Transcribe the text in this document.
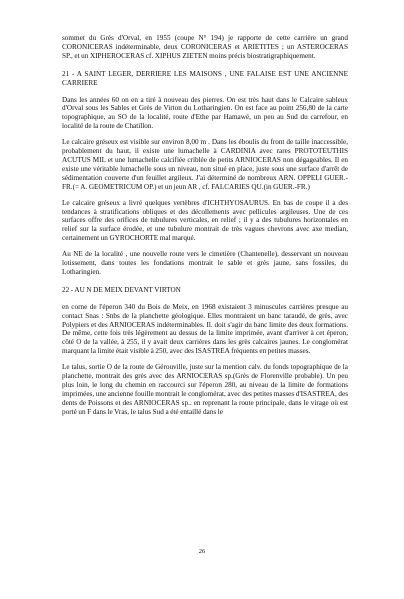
sommet du Grès d'Orval, en 1955 (coupe N° 194) je rapporte de cette carrière un grand CORONICERAS indéterminable, deux CORONICERAS et ARIETITES ; un ASTEROCERAS SP., et un XIPHEROCERAS cf. XIPHUS ZIETEN moins précis biostratigraphiquement.

21 - A SAINT LEGER, DERRIERE LES MAISONS , UNE FALAISE EST UNE ANCIENNE CARRIERE

Dans les années 60 on en a tiré à nouveau des pierres. On est très haut dans le Calcaire sableux d'Orval sous les Sables et Grès de Virton du Lotharingien. On est face au point 256,80 de la carte topographique, au SO de la localité, route d'Ethe par Hamawé, un peu au Sud du carrefour, en localité de la route de Chatillon.

Le calcaire gréseux est visible sur environ 8,00 m . Dans les éboulis du front de taille inaccessible, probablement du haut, il existe une lumachelle à CARDINIA avec rares PROTOTEUTHIS ACUTUS MIL et une lumachelle calcifiée criblée de petits ARNIOCERAS non dégageables. Il en existe une véritable lumachelle sous un niveau, non situé en place, juste sous une surface d'arrêt de sédimentation couverte d'un feuillet argileux. J'ai déterminé de nombreux ARN. OPPELI GUER.-FR.(= A. GEOMETRICUM OP.) et un jeun AR , cf. FALCARIES QU.(in GUER.-FR.)

Le calcaire gréseux a livré quelques vertèbres d'ICHTHYOSAURUS. En bas de coupe il a des tendances à stratifications obliques et des décollements avec pellicules argileuses. Une de ces surfaces offre des orifices de tubulures verticales, en relief ; il y a des tubulures horizontales en relief sur la surface érodée, et une tubulure montrait de très vagues chevrons avec axe median, certainement un GYROCHORTE mal marqué.

Au NE de la localité , une nouvelle route vers le cimetière (Chantenelle), desservant un nouveau lotissement, dans toutes les fondations montrait le sable et grès jaune, sans fossiles, du Lotharingien.

22 - AU N DE MEIX DEVANT VIRTON

en corne de l'éperon 340 du Bois de Meix, en 1968 existaient 3 minuscules carrières presque au contact Snas : Snbs de la planchette géologique. Elles montraient un banc taraudé, de grès, avec Polypiers et des ARNIOCERAS indéterminables. Il. doit s'agir du banc limite des deux formations. De même, cette fois très légèrement au dessus de la limite imprimée, avant d'arriver à cet éperon, côté O de la vallée, à 255, il y avait deux carrières dans les grès calcaires jaunes. Le conglomérat marquant la limite était visible à 250, avec des ISASTREA fréquents en petites masses.

Le talus, sortie O de la route de Gérouville, juste sur la mention calv. du fonds topographique de la planchette, montrait des grès avec des ARNIOCERAS sp.(Grès de Florenville probable). Un peu plus loin, le long du chemin en raccourci sur l'éperon 280, au niveau de la limite de formations imprimées, une ancienne fouille montrait le conglomérat, avec des petites masses d'ISASTREA, des dents de Poissons et des ARNIOCERAS sp.. en reprenant la route principale, dans le virage où est porté un F dans le Vras, le talus Sud a été entaillé dans le

26
